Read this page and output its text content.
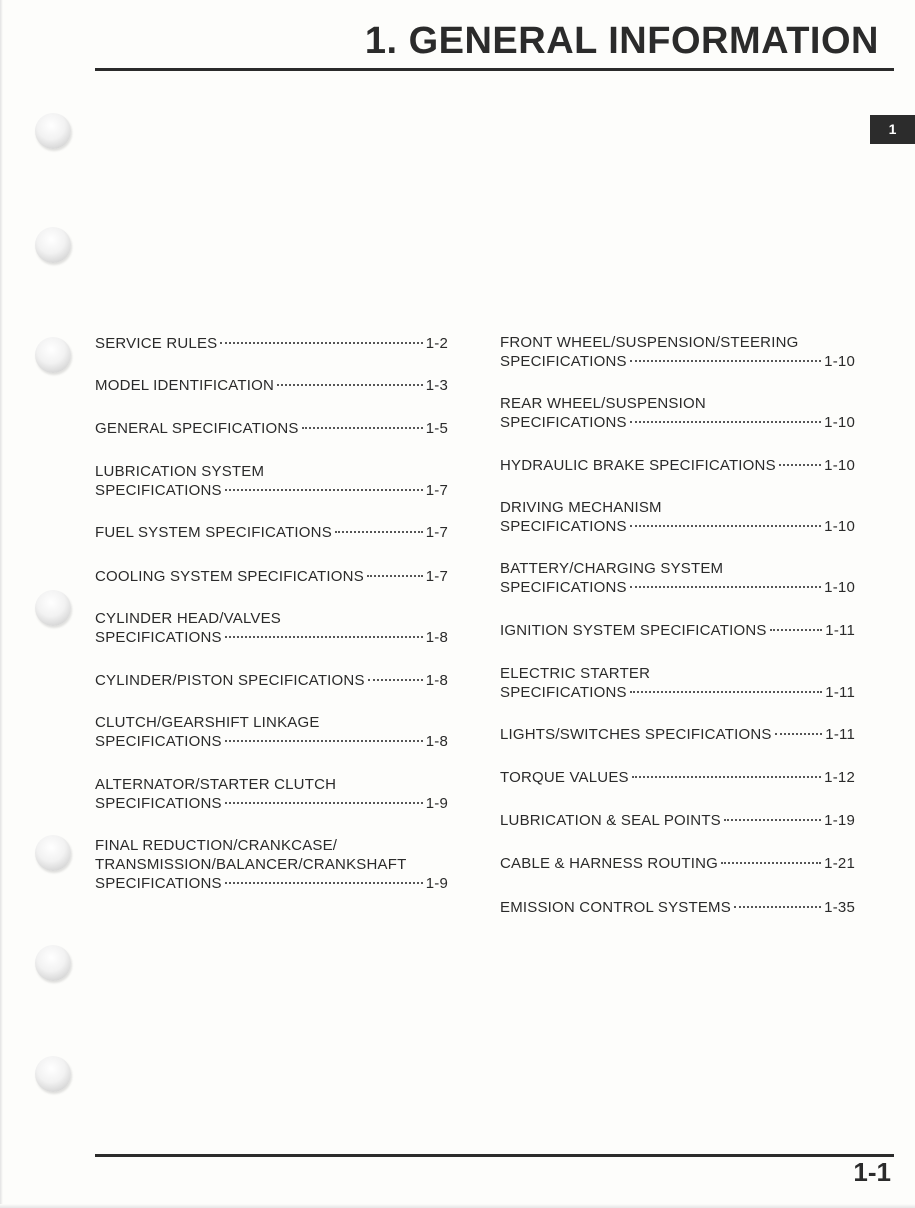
1. GENERAL INFORMATION
1
SERVICE RULES	1-2
MODEL IDENTIFICATION	1-3
GENERAL SPECIFICATIONS	1-5
LUBRICATION SYSTEM
SPECIFICATIONS	1-7
FUEL SYSTEM SPECIFICATIONS	1-7
COOLING SYSTEM SPECIFICATIONS	1-7
CYLINDER HEAD/VALVES
SPECIFICATIONS	1-8
CYLINDER/PISTON SPECIFICATIONS	1-8
CLUTCH/GEARSHIFT LINKAGE
SPECIFICATIONS	1-8
ALTERNATOR/STARTER CLUTCH
SPECIFICATIONS	1-9
FINAL REDUCTION/CRANKCASE/
TRANSMISSION/BALANCER/CRANKSHAFT
SPECIFICATIONS	1-9
FRONT WHEEL/SUSPENSION/STEERING
SPECIFICATIONS	1-10
REAR WHEEL/SUSPENSION
SPECIFICATIONS	1-10
HYDRAULIC BRAKE SPECIFICATIONS	1-10
DRIVING MECHANISM
SPECIFICATIONS	1-10
BATTERY/CHARGING SYSTEM
SPECIFICATIONS	1-10
IGNITION SYSTEM SPECIFICATIONS	1-11
ELECTRIC STARTER
SPECIFICATIONS	1-11
LIGHTS/SWITCHES SPECIFICATIONS	1-11
TORQUE VALUES	1-12
LUBRICATION & SEAL POINTS	1-19
CABLE & HARNESS ROUTING	1-21
EMISSION CONTROL SYSTEMS	1-35
1-1
